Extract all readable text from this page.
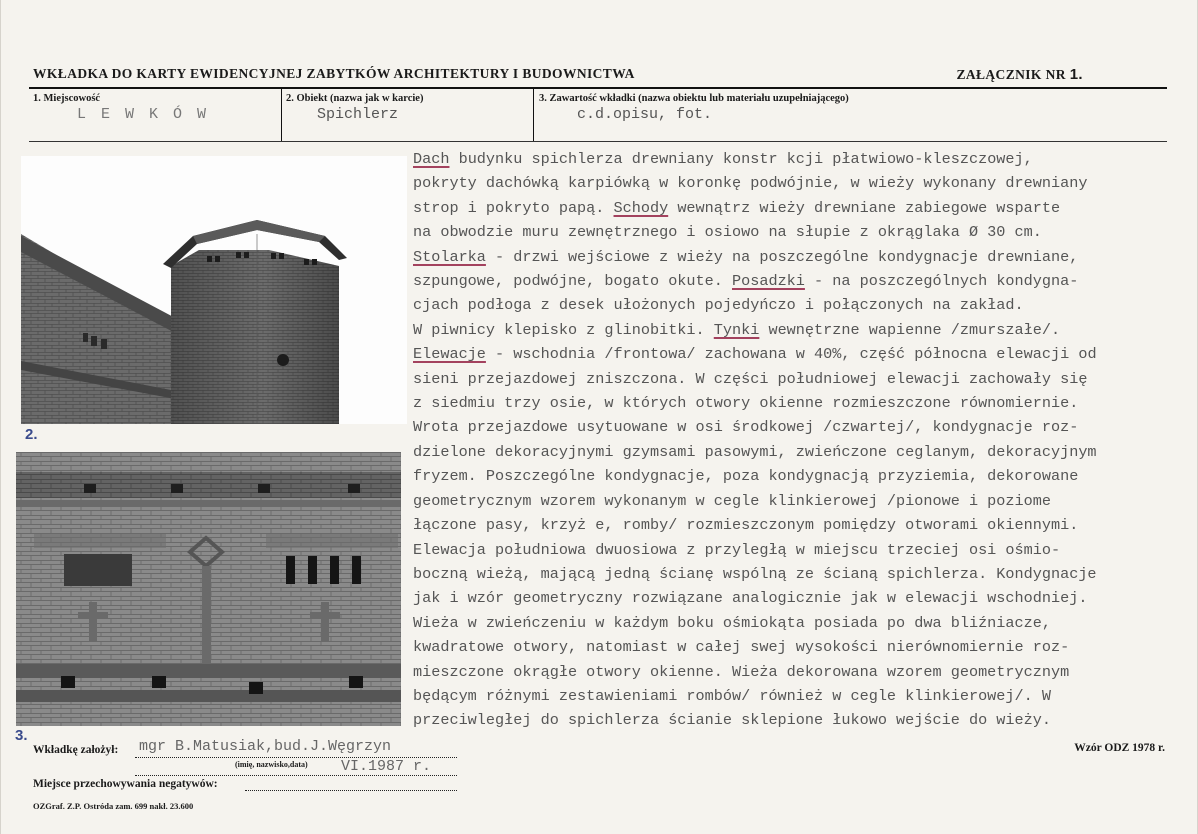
WKŁADKA DO KARTY EWIDENCYJNEJ ZABYTKÓW ARCHITEKTURY I BUDOWNICTWA	ZAŁĄCZNIK NR 1.
1. Miejscowość
L E W K Ó W
2. Obiekt (nazwa jak w karcie)
Spichlerz
3. Zawartość wkładki (nazwa obiektu lub materiału uzupełniającego)
c.d.opisu, fot.
2.
3.
Dach budynku spichlerza drewniany konstr kcji płatwiowo-kleszczowej,
pokryty dachówką karpiówką w koronkę podwójnie, w wieży wykonany drewniany
strop i pokryto papą. Schody wewnątrz wieży drewniane zabiegowe wsparte
na obwodzie muru zewnętrznego i osiowo na słupie z okrąglaka Ø 30 cm.
Stolarka - drzwi wejściowe z wieży na poszczególne kondygnacje drewniane,
szpungowe, podwójne, bogato okute. Posadzki - na poszczególnych kondygna-
cjach podłoga z desek ułożonych pojedyńczo i połączonych na zakład.
W piwnicy klepisko z glinobitki. Tynki wewnętrzne wapienne /zmurszałe/.
Elewacje - wschodnia /frontowa/ zachowana w 40%, część północna elewacji od
sieni przejazdowej zniszczona. W części południowej elewacji zachowały się
z siedmiu trzy osie, w których otwory okienne rozmieszczone równomiernie.
Wrota przejazdowe usytuowane w osi środkowej /czwartej/, kondygnacje roz-
dzielone dekoracyjnymi gzymsami pasowymi, zwieńczone ceglanym, dekoracyjnym
fryzem. Poszczególne kondygnacje, poza kondygnacją przyziemia, dekorowane
geometrycznym wzorem wykonanym w cegle klinkierowej /pionowe i poziome
łączone pasy, krzyż e, romby/ rozmieszczonym pomiędzy otworami okiennymi.
Elewacja południowa dwuosiowa z przyległą w miejscu trzeciej osi ośmio-
boczną wieżą, mającą jedną ścianę wspólną ze ścianą spichlerza. Kondygnacje
jak i wzór geometryczny rozwiązane analogicznie jak w elewacji wschodniej.
Wieża w zwieńczeniu w każdym boku ośmiokąta posiada po dwa bliźniacze,
kwadratowe otwory, natomiast w całej swej wysokości nierównomiernie roz-
mieszczone okrągłe otwory okienne. Wieża dekorowana wzorem geometrycznym
będącym różnymi zestawieniami rombów/ również w cegle klinkierowej/. W
przeciwległej do spichlerza ścianie sklepione łukowo wejście do wieży.
Wkładkę założył: mgr B.Matusiak,bud.J.Węgrzyn
(imię, nazwisko,data) VI.1987 r.
Miejsce przechowywania negatywów:
Wzór ODZ 1978 r.
OZGraf. Z.P. Ostróda zam. 699 nakł. 23.600
